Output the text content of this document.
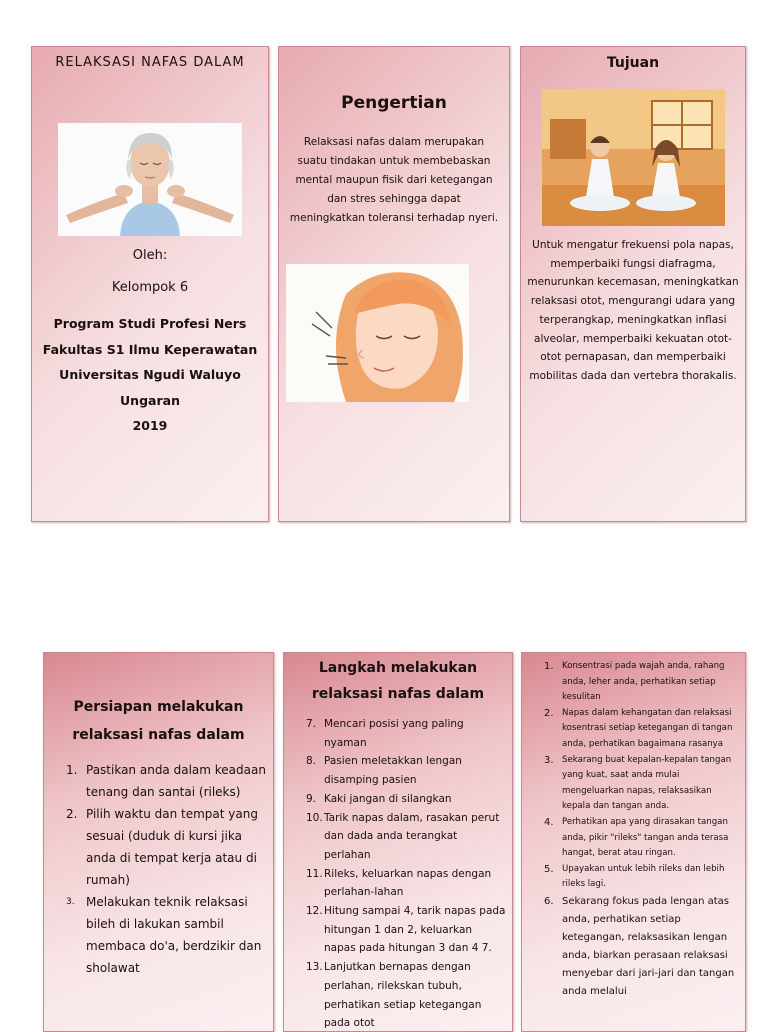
RELAKSASI NAFAS DALAM
Oleh:
Kelompok 6
Program Studi Profesi Ners
Fakultas S1 Ilmu Keperawatan
Universitas Ngudi Waluyo
Ungaran
2019
Pengertian
Relaksasi nafas dalam merupakan suatu tindakan untuk membebaskan mental maupun fisik dari ketegangan dan stres sehingga dapat meningkatkan toleransi terhadap nyeri.
Tujuan
Untuk mengatur frekuensi pola napas, memperbaiki fungsi diafragma, menurunkan kecemasan, meningkatkan relaksasi otot, mengurangi udara yang terperangkap, meningkatkan inflasi alveolar, memperbaiki kekuatan otot-otot pernapasan, dan memperbaiki mobilitas dada dan vertebra thorakalis.
Persiapan melakukan relaksasi nafas dalam
1. Pastikan anda dalam keadaan tenang dan santai (rileks)
2. Pilih waktu dan tempat yang sesuai (duduk di kursi jika anda di tempat kerja atau di rumah)
3. Melakukan teknik relaksasi bileh di lakukan sambil membaca do'a, berdzikir dan sholawat
Langkah melakukan relaksasi nafas dalam
7. Mencari posisi yang paling nyaman
8. Pasien meletakkan lengan disamping pasien
9. Kaki jangan di silangkan
10. Tarik napas dalam, rasakan perut dan dada anda terangkat perlahan
11. Rileks, keluarkan napas dengan perlahan-lahan
12. Hitung sampai 4, tarik napas pada hitungan 1 dan 2, keluarkan napas pada hitungan 3 dan 4 7.
13. Lanjutkan bernapas dengan perlahan, rilekskan tubuh, perhatikan setiap ketegangan pada otot
1. Konsentrasi pada wajah anda, rahang anda, leher anda, perhatikan setiap kesulitan
2. Napas dalam kehangatan dan relaksasi kosentrasi setiap ketegangan di tangan anda, perhatikan bagaimana rasanya
3. Sekarang buat kepalan-kepalan tangan yang kuat, saat anda mulai mengeluarkan napas, relaksasikan kepala dan tangan anda.
4. Perhatikan apa yang dirasakan tangan anda, pikir "rileks" tangan anda terasa hangat, berat atau ringan.
5. Upayakan untuk lebih rileks dan lebih rileks lagi.
6. Sekarang fokus pada lengan atas anda, perhatikan setiap ketegangan, relaksasikan lengan anda, biarkan perasaan relaksasi menyebar dari jari-jari dan tangan anda melalui
